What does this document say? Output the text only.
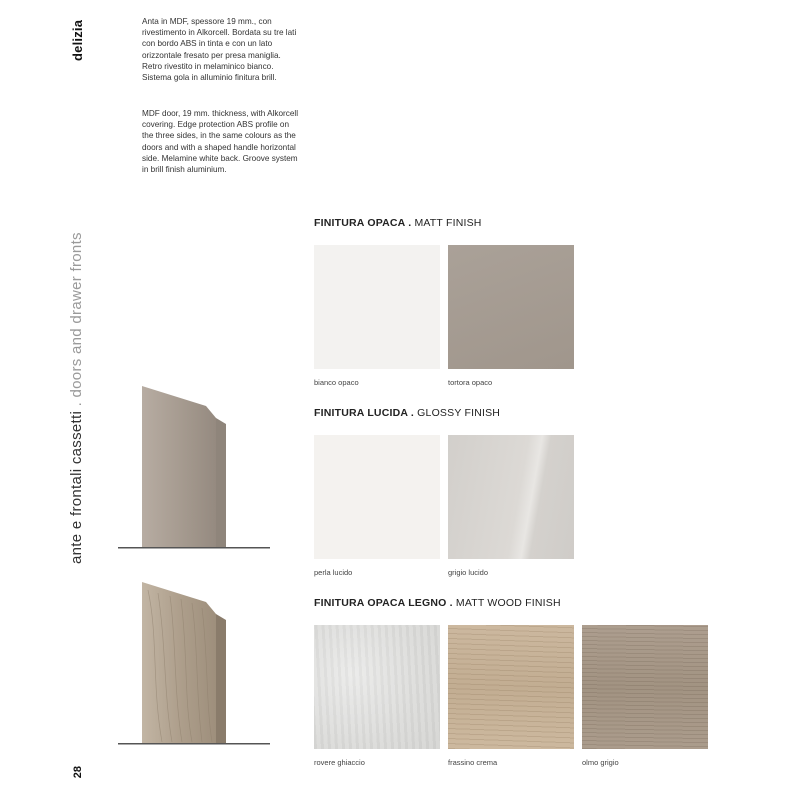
delizia
ante e frontali cassetti . doors and drawer fronts
28
Anta in MDF, spessore 19 mm., con rivestimento in Alkorcell. Bordata su tre lati con bordo ABS in tinta e con un lato orizzontale fresato per presa maniglia. Retro rivestito in melaminico bianco. Sistema gola in alluminio finitura brill.
MDF door, 19 mm. thickness, with Alkorcell covering. Edge protection ABS profile on the three sides, in the same colours as the doors and with a shaped handle horizontal side. Melamine white back. Groove system in brill finish aluminium.
FINITURA OPACA . MATT FINISH
bianco opaco	tortora opaco
FINITURA LUCIDA . GLOSSY FINISH
perla lucido	grigio lucido
FINITURA OPACA LEGNO . MATT WOOD FINISH
rovere ghiaccio	frassino crema	olmo grigio
